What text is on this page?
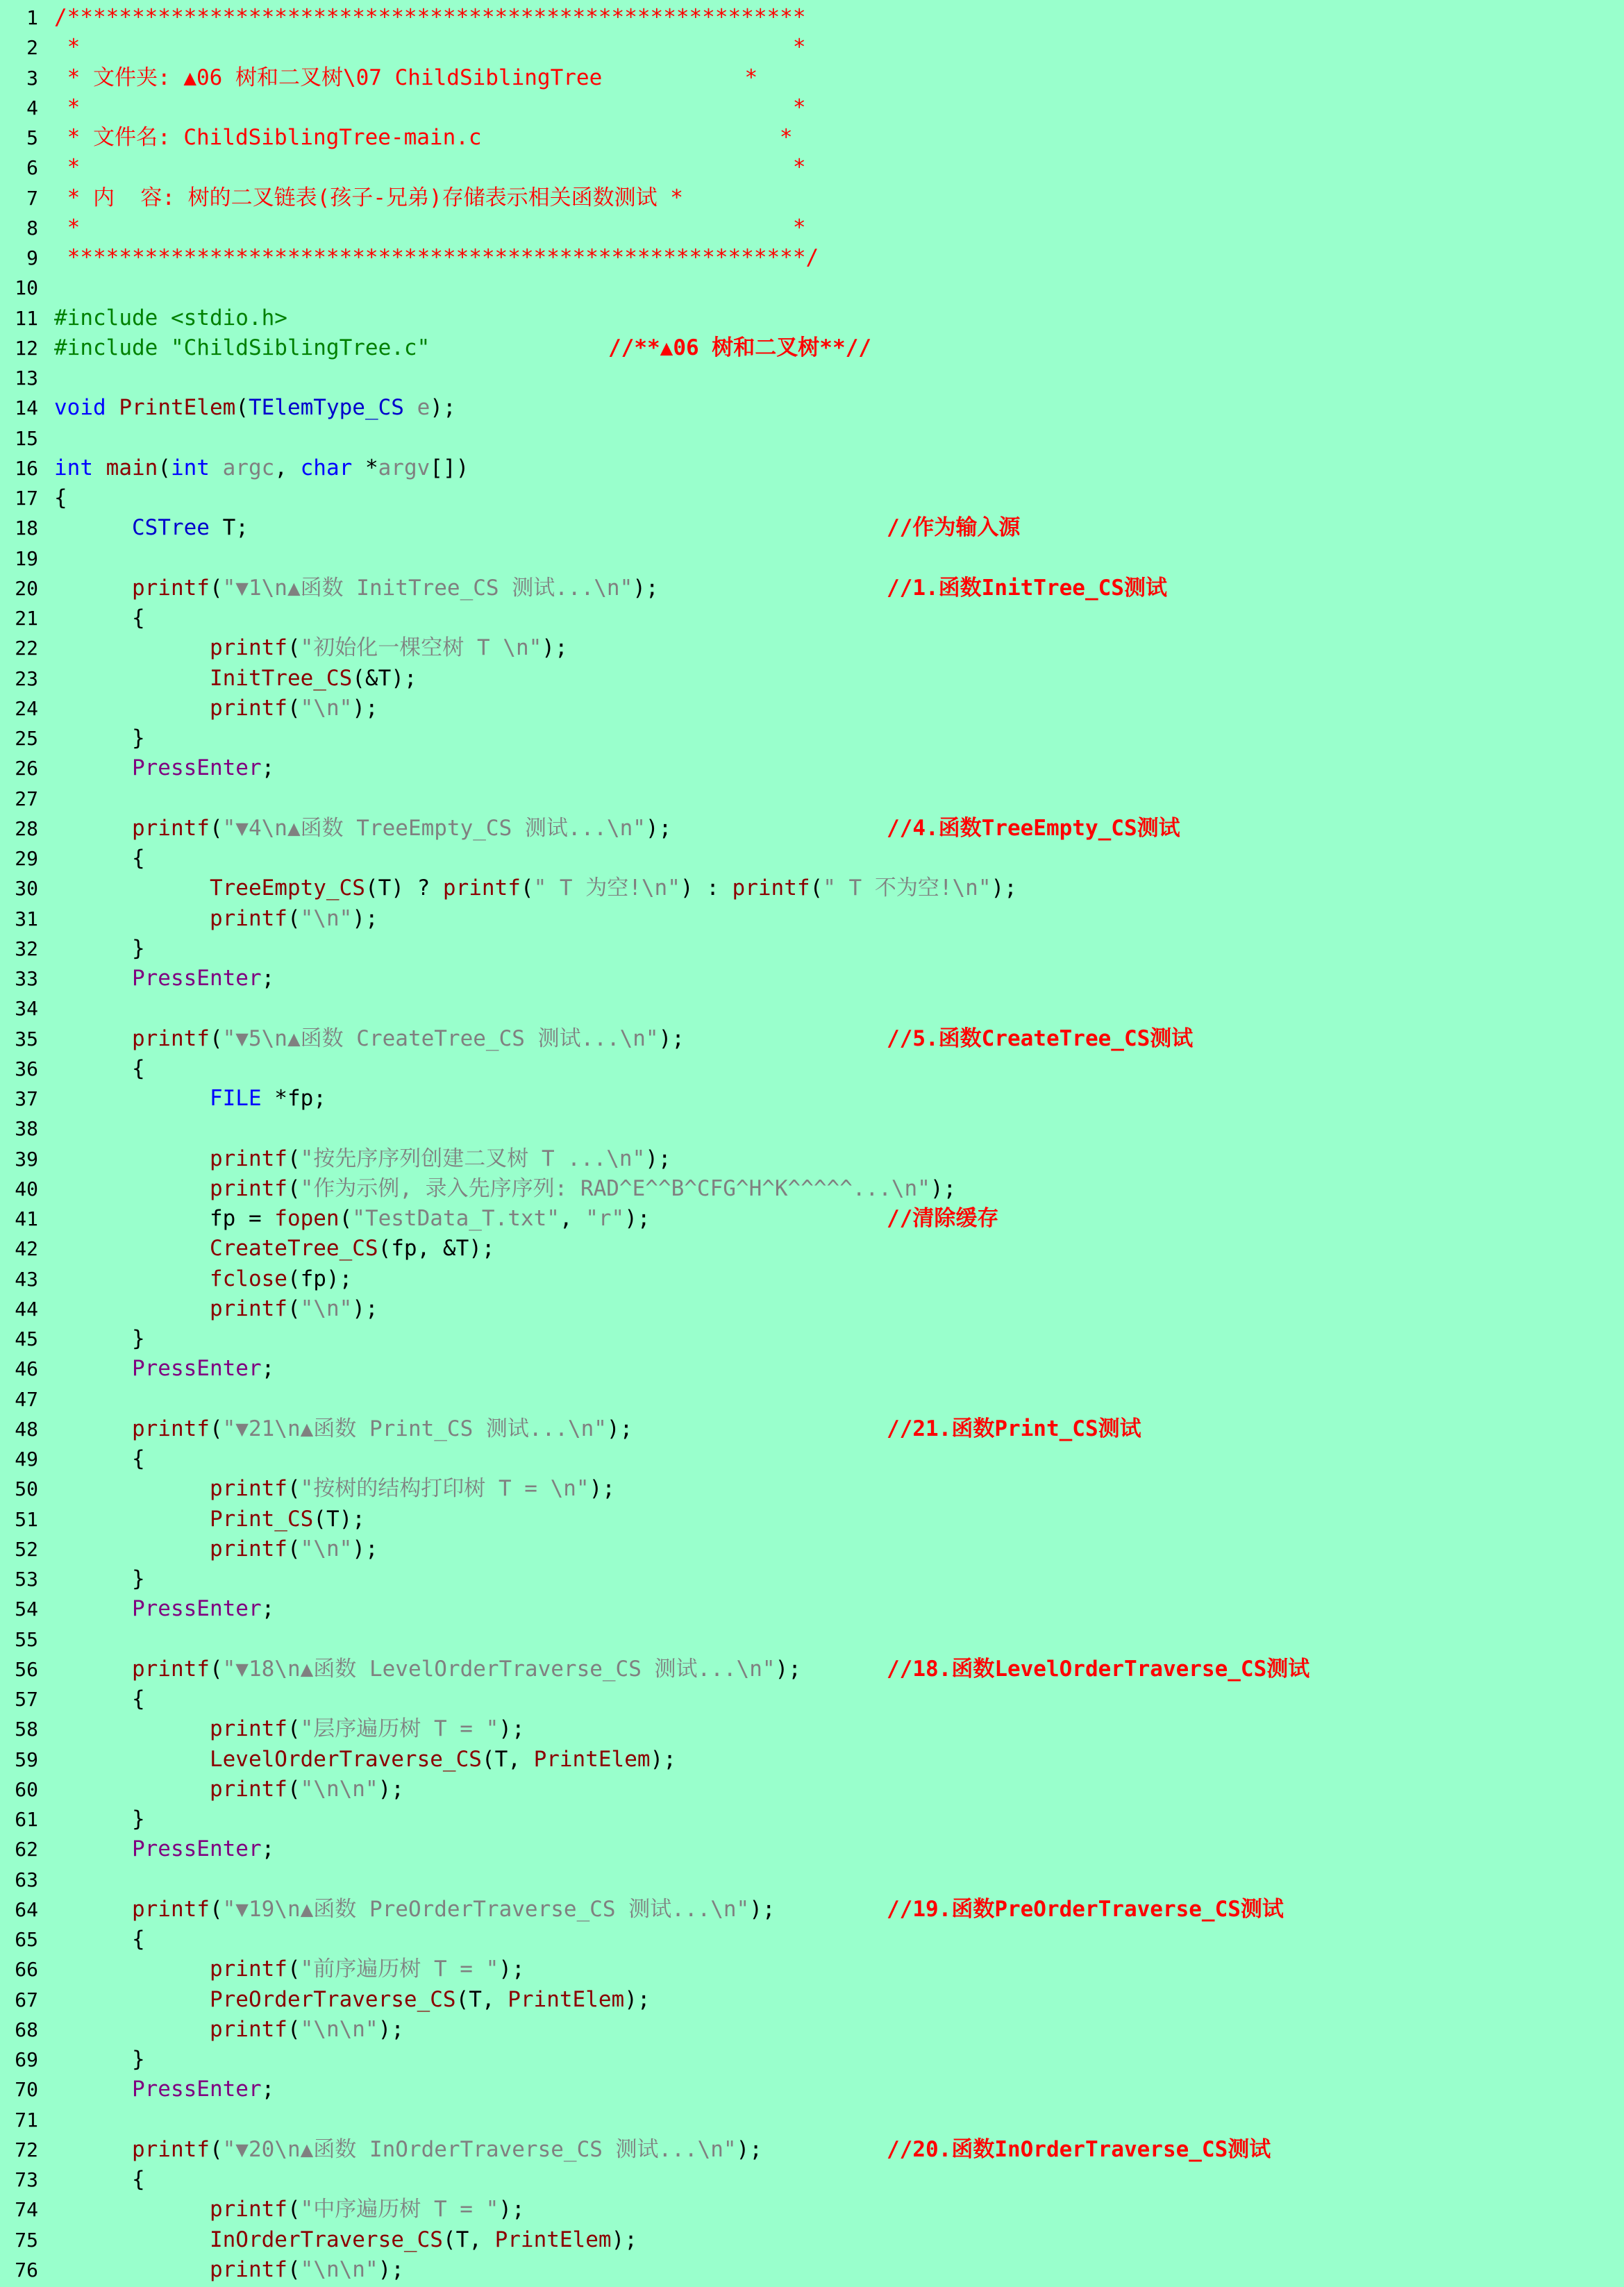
1 /*********************************************************
2 *                                                       *
3 * 文件夹: ▲06 树和二叉树\07 ChildSiblingTree           *
4 *                                                       *
5 * 文件名: ChildSiblingTree-main.c                       *
6 *                                                       *
7 * 内  容: 树的二叉链表(孩子-兄弟)存储表示相关函数测试 *
8 *                                                       *
9 *********************************************************/
10
11 #include <stdio.h>
12 #include "ChildSiblingTree.c"	//**▲06 树和二叉树**//
13
14 void PrintElem(TElemType_CS e);
15
16 int main(int argc, char *argv[])
17 {
18 CSTree T;	//作为输入源
19
20 printf("▼1\n▲函数 InitTree_CS 测试...\n");	//1.函数InitTree_CS测试
21 {
22 printf("初始化一棵空树 T \n");
23 InitTree_CS(&T);
24 printf("\n");
25 }
26 PressEnter;
27
28 printf("▼4\n▲函数 TreeEmpty_CS 测试...\n");	//4.函数TreeEmpty_CS测试
29 {
30 TreeEmpty_CS(T) ? printf(" T 为空!\n") : printf(" T 不为空!\n");
31 printf("\n");
32 }
33 PressEnter;
34
35 printf("▼5\n▲函数 CreateTree_CS 测试...\n");	//5.函数CreateTree_CS测试
36 {
37 FILE *fp;
38
39 printf("按先序序列创建二叉树 T ...\n");
40 printf("作为示例, 录入先序序列: RAD^E^^B^CFG^H^K^^^^^...\n");
41 fp = fopen("TestData_T.txt", "r");	//清除缓存
42 CreateTree_CS(fp, &T);
43 fclose(fp);
44 printf("\n");
45 }
46 PressEnter;
47
48 printf("▼21\n▲函数 Print_CS 测试...\n");	//21.函数Print_CS测试
49 {
50 printf("按树的结构打印树 T = \n");
51 Print_CS(T);
52 printf("\n");
53 }
54 PressEnter;
55
56 printf("▼18\n▲函数 LevelOrderTraverse_CS 测试...\n");	//18.函数LevelOrderTraverse_CS测试
57 {
58 printf("层序遍历树 T = ");
59 LevelOrderTraverse_CS(T, PrintElem);
60 printf("\n\n");
61 }
62 PressEnter;
63
64 printf("▼19\n▲函数 PreOrderTraverse_CS 测试...\n");	//19.函数PreOrderTraverse_CS测试
65 {
66 printf("前序遍历树 T = ");
67 PreOrderTraverse_CS(T, PrintElem);
68 printf("\n\n");
69 }
70 PressEnter;
71
72 printf("▼20\n▲函数 InOrderTraverse_CS 测试...\n");	//20.函数InOrderTraverse_CS测试
73 {
74 printf("中序遍历树 T = ");
75 InOrderTraverse_CS(T, PrintElem);
76 printf("\n\n");
